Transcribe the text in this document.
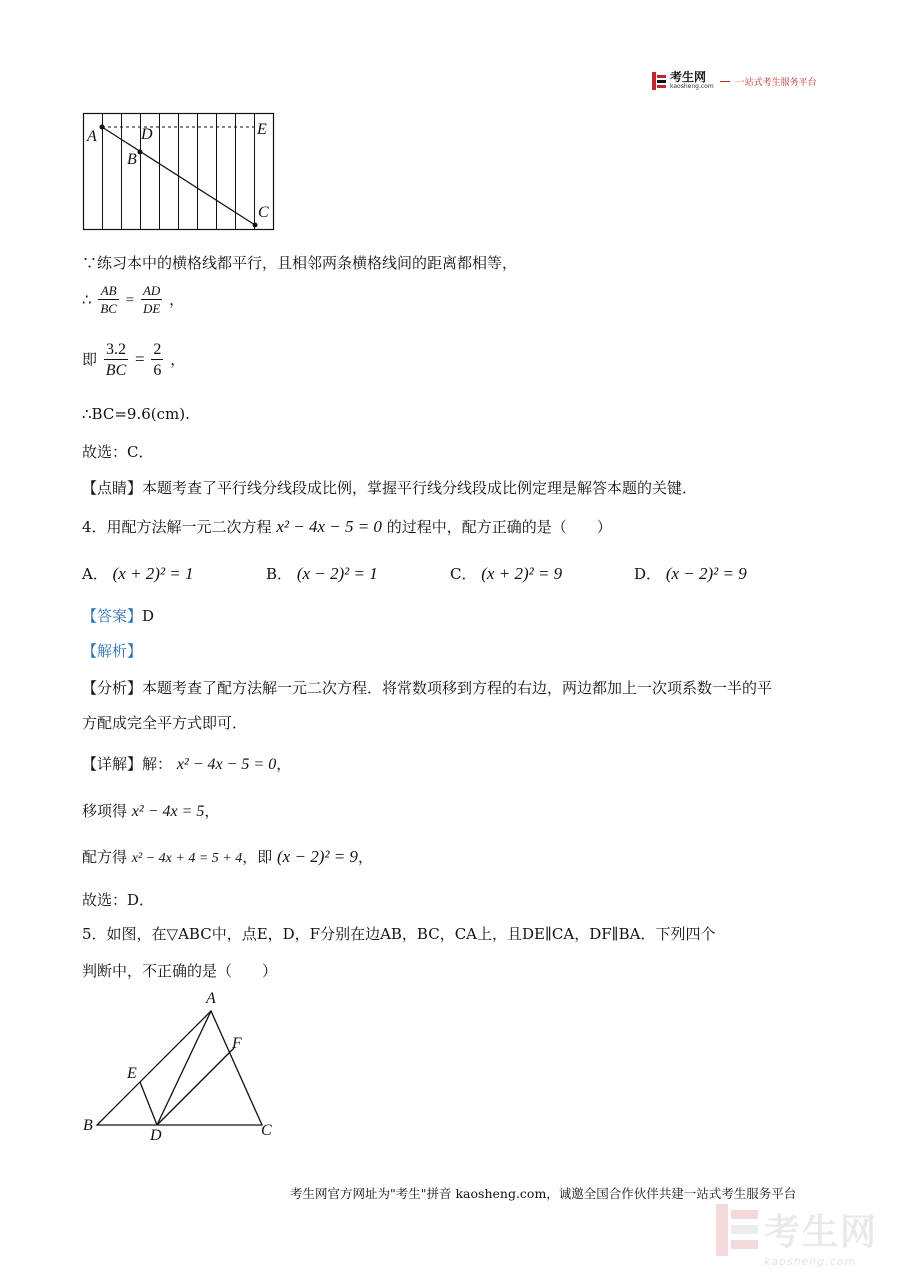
考生网
kaosheng.com 一站式考生服务平台
A	D
B
E
C
∵练习本中的横格线都平行，且相邻两条横格线间的距离都相等，
∴ $\frac{AB}{BC} = \frac{AD}{DE}$ ，
即 $\frac{3.2}{BC} = \frac{2}{6}$ ，
∴BC=9.6(cm).
故选：C．
【点睛】本题考查了平行线分线段成比例，掌握平行线分线段成比例定理是解答本题的关键．
4．用配方法解一元二次方程 x² − 4x − 5 = 0 的过程中，配方正确的是（　　）
A． (x + 2)² = 1	B． (x − 2)² = 1	C． (x + 2)² = 9	D． (x − 2)² = 9
【答案】D
【解析】
【分析】本题考查了配方法解一元二次方程．将常数项移到方程的右边，两边都加上一次项系数一半的平
方配成完全平方式即可．
【详解】解： x² − 4x − 5 = 0，
移项得 x² − 4x = 5，
配方得 x² − 4x + 4 = 5 + 4，即 (x − 2)² = 9，
故选：D．
5．如图，在▽ABC中，点E，D，F分别在边AB，BC，CA上，且DE∥CA，DF∥BA．下列四个
判断中，不正确的是（　　）
A
F
E
B
D	C
考生网官方网址为"考生"拼音 kaosheng.com，诚邀全国合作伙伴共建一站式考生服务平台
考生网
kaosheng.com
